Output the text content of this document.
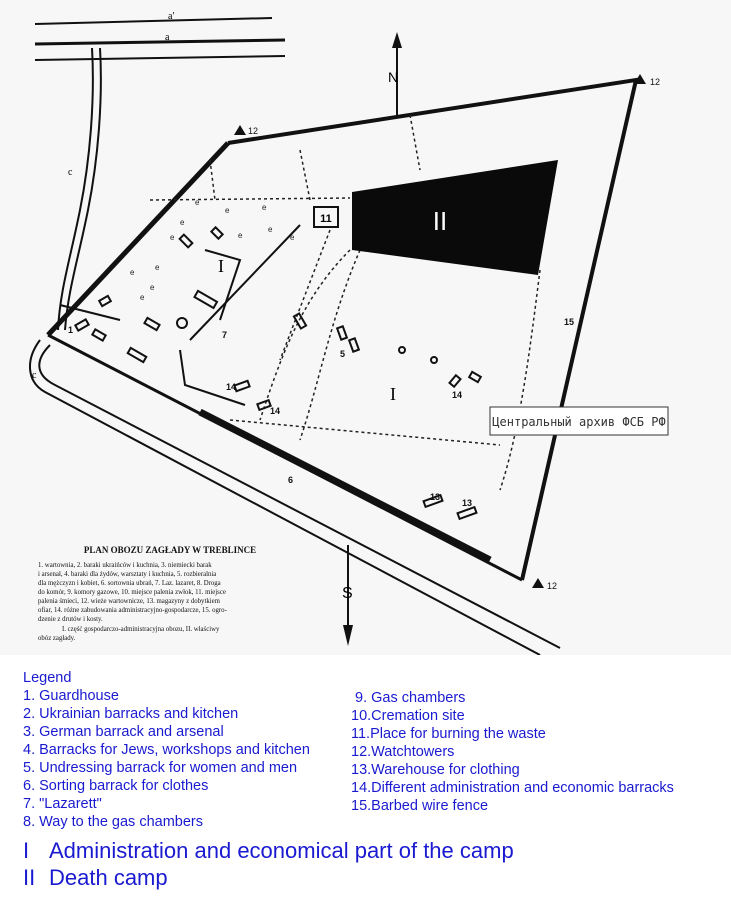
II
11
N
S
a'
a
c
c
I
I
12
12
12
e
e	e
e
e
e
e
e
e
e
e
e
13
13
15
5
14
14
14
6
7
1
Центральный архив ФСБ РФ
PLAN OBOZU ZAGŁADY W TREBLINCE
1. wartownia, 2. baraki ukraińców i kuchnia, 3. niemiecki barak
i arsenał, 4. baraki dla żydów, warsztaty i kuchnia, 5. rozbieralnia
dla mężczyzn i kobiet, 6. sortownia ubrań, 7. Laz. lazaret, 8. Droga
do komór, 9. komory gazowe, 10. miejsce palenia zwłok, 11. miejsce
palenia śmieci, 12. wieże wartownicze, 13. magazyny z dobytkiem
ofiar, 14. różne zabudowania administracyjno-gospodarcze, 15. ogro-
dzenie z drutów i kosty.
I. część gospodarczo-administracyjna obozu, II. właściwy
obóz zagłady.

Legend

1. Guardhouse

2. Ukrainian barracks and kitchen

3. German barrack and arsenal

4. Barracks for Jews, workshops and kitchen

5. Undressing barrack for women and men

6. Sorting barrack for clothes

7. "Lazarett"

8. Way to the gas chambers

9. Gas chambers

10.Cremation site

11.Place for burning the waste

12.Watchtowers

13.Warehouse for clothing

14.Different administration and economic barracks

15.Barbed wire fence

I Administration and economical part of the camp
II Death camp
